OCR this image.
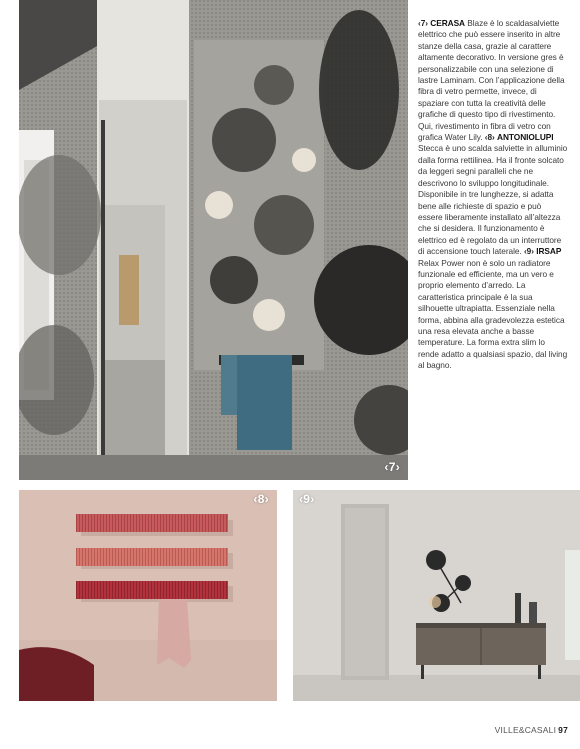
‹7›

‹7› CERASA Blaze è lo scaldasalviette elettrico che può essere inserito in altre stanze della casa, grazie al carattere altamente decorativo. In versione gres è personalizzabile con una selezione di lastre Laminam. Con l’applicazione della fibra di vetro permette, invece, di spaziare con tutta la creatività delle grafiche di questo tipo di rivestimento. Qui, rivestimento in fibra di vetro con grafica Water Lily. ‹8› ANTONIOLUPI Stecca è uno scalda salviette in alluminio dalla forma rettilinea. Ha il fronte solcato da leggeri segni paralleli che ne descrivono lo sviluppo longitudinale. Disponibile in tre lunghezze, si adatta bene alle richieste di spazio e può essere liberamente installato all’altezza che si desidera. Il funzionamento è elettrico ed è regolato da un interruttore di accensione touch laterale. ‹9› IRSAP Relax Power non è solo un radiatore funzionale ed efficiente, ma un vero e proprio elemento d’arredo. La caratteristica principale è la sua silhouette ultrapiatta. Essenziale nella forma, abbina alla gradevolezza estetica una resa elevata anche a basse temperature. La forma extra slim lo rende adatto a qualsiasi spazio, dal living al bagno.

‹8›	‹9›
VILLE&CASALI 97
